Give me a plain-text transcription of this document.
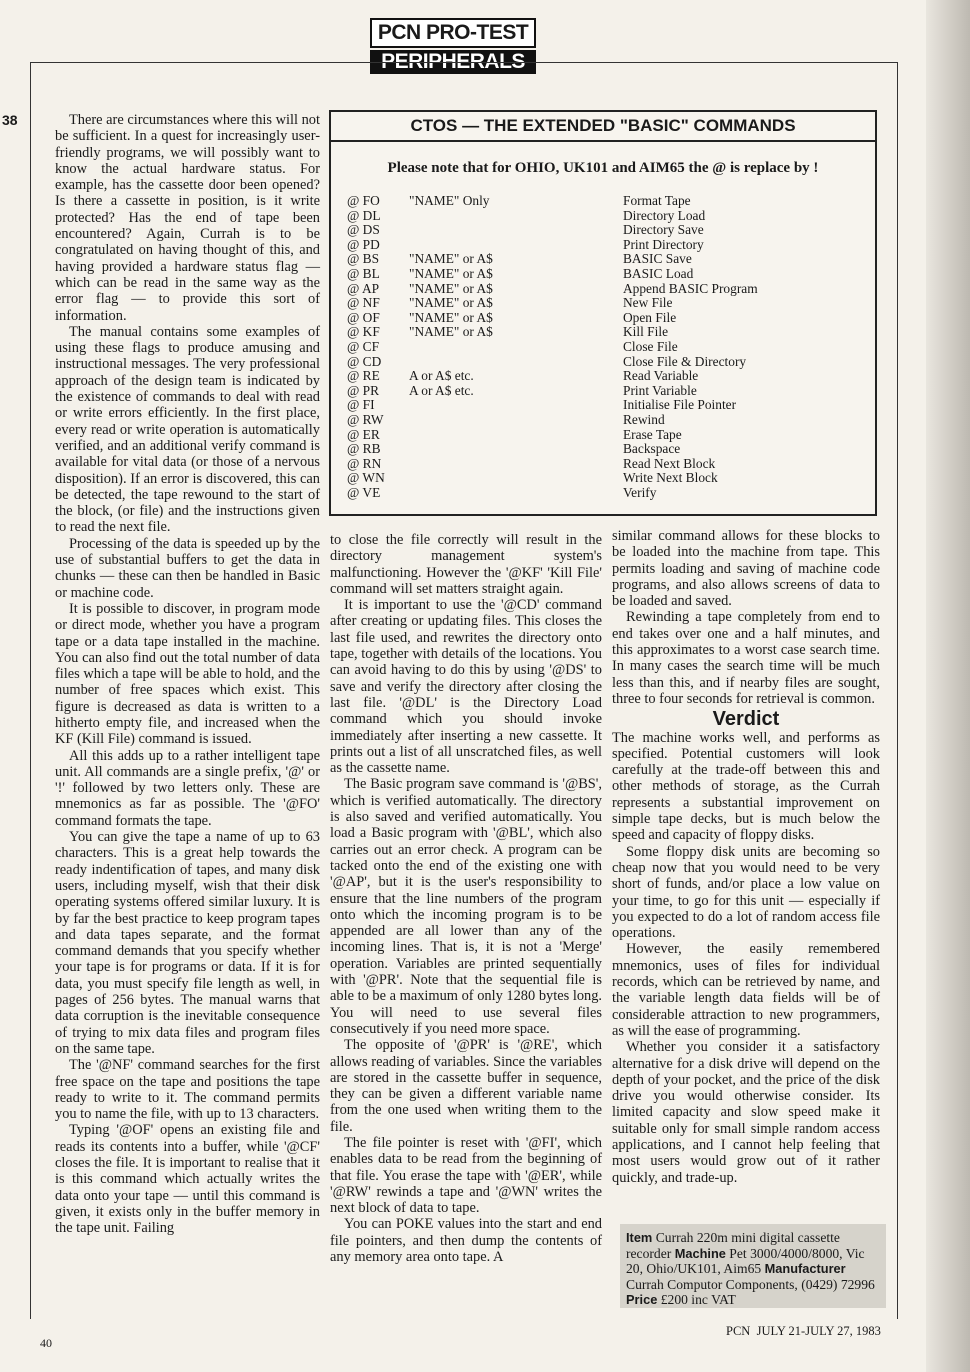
PCN PRO-TEST
PERIPHERALS
38	There are circumstances where this will not be sufficient. In a quest for increasingly user-friendly programs, we will possibly want to know the actual hardware status. For example, has the cassette door been opened? Is there a cassette in position, is it write protected? Has the end of tape been encountered? Again, Currah is to be congratulated on having thought of this, and having provided a hardware status flag — which can be read in the same way as the error flag — to provide this sort of information.

The manual contains some examples of using these flags to produce amusing and instructional messages. The very professional approach of the design team is indicated by the existence of commands to deal with read or write errors efficiently. In the first place, every read or write operation is automatically verified, and an additional verify command is available for vital data (or those of a nervous disposition). If an error is discovered, this can be detected, the tape rewound to the start of the block, (or file) and the instructions given to read the next file.

Processing of the data is speeded up by the use of substantial buffers to get the data in chunks — these can then be handled in Basic or machine code.

It is possible to discover, in program mode or direct mode, whether you have a program tape or a data tape installed in the machine. You can also find out the total number of data files which a tape will be able to hold, and the number of free spaces which exist. This figure is decreased as data is written to a hitherto empty file, and increased when the KF (Kill File) command is issued.

All this adds up to a rather intelligent tape unit. All commands are a single prefix, '@' or '!' followed by two letters only. These are mnemonics as far as possible. The '@FO' command formats the tape.

You can give the tape a name of up to 63 characters. This is a great help towards the ready indentification of tapes, and many disk users, including myself, wish that their disk operating systems offered similar luxury. It is by far the best practice to keep program tapes and data tapes separate, and the format command demands that you specify whether your tape is for programs or data. If it is for data, you must specify file length as well, in pages of 256 bytes. The manual warns that data corruption is the inevitable consequence of trying to mix data files and program files on the same tape.

The '@NF' command searches for the first free space on the tape and positions the tape ready to write to it. The command permits you to name the file, with up to 13 characters.

Typing '@OF' opens an existing file and reads its contents into a buffer, while '@CF' closes the file. It is important to realise that it is this command which actually writes the data onto your tape — until this command is given, it exists only in the buffer memory in the tape unit. Failing

CTOS — THE EXTENDED "BASIC" COMMANDS
Please note that for OHIO, UK101 and AIM65 the @ is replace by !
@ FO "NAME" Only	Format Tape
@ DL	Directory Load
@ DS	Directory Save
@ PD	Print Directory
@ BS "NAME" or A$	BASIC Save
@ BL "NAME" or A$	BASIC Load
@ AP "NAME" or A$	Append BASIC Program
@ NF "NAME" or A$	New File
@ OF "NAME" or A$	Open File
@ KF "NAME" or A$	Kill File
@ CF	Close File
@ CD	Close File & Directory
@ RE A or A$ etc.	Read Variable
@ PR A or A$ etc.	Print Variable
@ FI	Initialise File Pointer
@ RW	Rewind
@ ER	Erase Tape
@ RB	Backspace
@ RN	Read Next Block
@ WN	Write Next Block
@ VE	Verify

to close the file correctly will result in the directory management system's malfunctioning. However the '@KF' 'Kill File' command will set matters straight again.

It is important to use the '@CD' command after creating or updating files. This closes the last file used, and rewrites the directory onto tape, together with details of the locations. You can avoid having to do this by using '@DS' to save and verify the directory after closing the last file. '@DL' is the Directory Load command which you should invoke immediately after inserting a new cassette. It prints out a list of all unscratched files, as well as the cassette name.

The Basic program save command is '@BS', which is verified automatically. The directory is also saved and verified automatically. You load a Basic program with '@BL', which also carries out an error check. A program can be tacked onto the end of the existing one with '@AP', but it is the user's responsibility to ensure that the line numbers of the program onto which the incoming program is to be appended are all lower than any of the incoming lines. That is, it is not a 'Merge' operation. Variables are printed sequentially with '@PR'. Note that the sequential file is able to be a maximum of only 1280 bytes long. You will need to use several files consecutively if you need more space.

The opposite of '@PR' is '@RE', which allows reading of variables. Since the variables are stored in the cassette buffer in sequence, they can be given a different variable name from the one used when writing them to the file.

The file pointer is reset with '@FI', which enables data to be read from the beginning of that file. You erase the tape with '@ER', while '@RW' rewinds a tape and '@WN' writes the next block of data to tape.

You can POKE values into the start and end file pointers, and then dump the contents of any memory area onto tape. A

similar command allows for these blocks to be loaded into the machine from tape. This permits loading and saving of machine code programs, and also allows screens of data to be loaded and saved.

Rewinding a tape completely from end to end takes over one and a half minutes, and this approximates to a worst case search time. In many cases the search time will be much less than this, and if nearby files are sought, three to four seconds for retrieval is common.

Verdict

The machine works well, and performs as specified. Potential customers will look carefully at the trade-off between this and other methods of storage, as the Currah represents a substantial improvement on simple tape decks, but is much below the speed and capacity of floppy disks.

Some floppy disk units are becoming so cheap now that you would need to be very short of funds, and/or place a low value on your time, to go for this unit — especially if you expected to do a lot of random access file operations.

However, the easily remembered mnemonics, uses of files for individual records, which can be retrieved by name, and the variable length data fields will be of considerable attraction to new programmers, as will the ease of programming.

Whether you consider it a satisfactory alternative for a disk drive will depend on the depth of your pocket, and the price of the disk drive you would otherwise consider. Its limited capacity and slow speed make it suitable only for small simple random access applications, and I cannot help feeling that most users would grow out of it rather quickly, and trade-up.

Item Currah 220m mini digital cassette recorder Machine Pet 3000/4000/8000, Vic 20, Ohio/UK101, Aim65 Manufacturer Currah Computor Components, (0429) 72996 Price £200 inc VAT
40
PCN JULY 21-JULY 27, 1983
